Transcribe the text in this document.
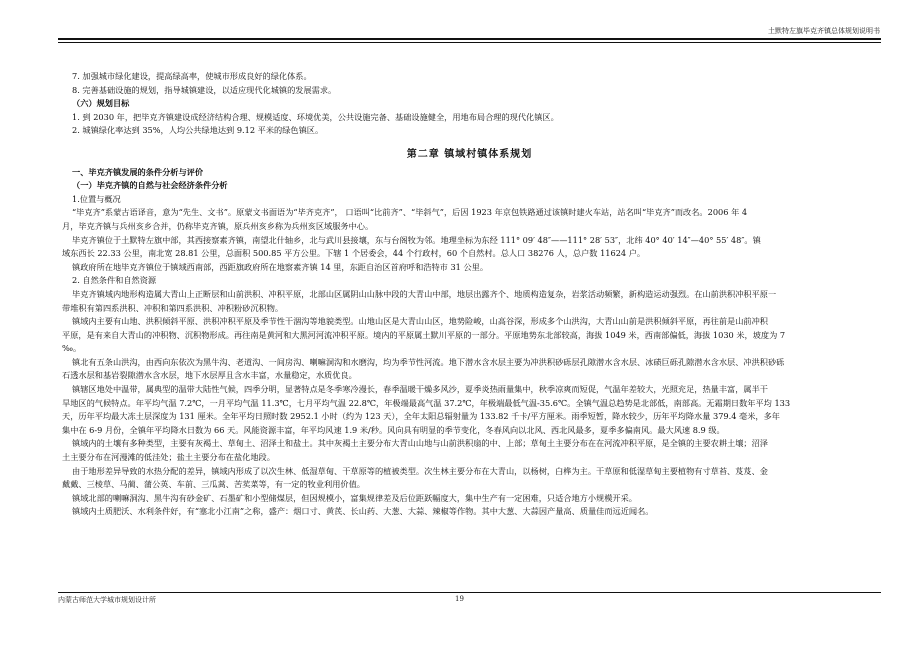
土默特左旗毕克齐镇总体规划说明书

7. 加强城市绿化建设，提高绿高率，使城市形成良好的绿化体系。

8. 完善基础设施的规划，指导城镇建设，以适应现代化城镇的发展需求。

（六）规划目标

1. 到 2030 年，把毕克齐镇建设成经济结构合理、规模适度、环境优美，公共设施完备、基础设施健全，用地布局合理的现代化镇区。

2. 城镇绿化率达到 35%，人均公共绿地达到 9.12 平米的绿色镇区。

第二章 镇域村镇体系规划

一、毕克齐镇发展的条件分析与评价

（一）毕克齐镇的自然与社会经济条件分析

1.位置与概况

“毕克齐”系蒙古语译音，意为“先生、文书”。原蒙文书面语为“毕齐克齐”， 口语叫“比前齐”、“毕斜气”，后因 1923 年京包铁路通过该镇时建火车站，站名叫“毕克齐”而改名。2006 年 4

月，毕克齐镇与兵州亥乡合并，仍称毕克齐镇，原兵州亥乡称为兵州亥区域服务中心。

毕克齐镇位于土默特左旗中部，其西接察素齐镇，南望北什轴乡，北与武川县接壤，东与台阁牧为邻。地理坐标为东经 111° 09′ 48″——111° 28′ 53″，北纬 40° 40′ 14″—40° 55′ 48″。镇

域东西长 22.33 公里，南北宽 28.81 公里，总面积 500.85 平方公里。下辖 1 个居委会，44 个行政村，60 个自然村。总人口 38276 人，总户数 11624 户。

镇政府所在地毕克齐镇位于镇域西南部，西距旗政府所在地察素齐镇 14 里，东距自治区首府呼和浩特市 31 公里。

2. 自然条件和自然资源

毕克齐镇域内地形构造属大青山上正断层和山前洪积、冲积平原，北部山区属阴山山脉中段的大青山中部，地层出露齐个、地质构造复杂，岩浆活动频繁，新构造运动强烈。在山前洪积冲积平原一

带堆积有第四系洪积、冲积和第四系洪积、冲积粉砂沉积物。

镇域内主要有山地、洪积倾斜平原、洪积冲积平原及季节性干涸沟等地貌类型。山地山区是大青山山区，地势险峻，山高谷深，形成多个山洪沟，大青山山前是洪积倾斜平原，再往前是山前冲积

平原，是有来自大青山的冲积物、沉积物形成。再往南是黄河和大黑河河流冲积平原。境内的平原属土默川平原的一部分。平原地势东北部较高，海拔 1049 米，西南部偏低，海拔 1030 米，坡度为 7

‰。

镇北有五条山洪沟，由西向东依次为黑牛沟、老道沟、一间房沟、喇嘛洞沟和水磨沟，均为季节性河流。地下潜水含水层主要为冲洪积砂砾层孔隙潜水含水层、冰碛巨砾孔隙潜水含水层、冲洪积砂砾

石透水层和基岩裂隙潜水含水层，地下水层厚且含水丰富，水量稳定，水质优良。

镇辖区地处中温带，属典型的温带大陆性气候，四季分明，显著特点是冬季寒冷漫长，春季温暖干燥多风沙，夏季炎热雨量集中，秋季凉爽而短促，气温年差较大，光照充足，热量丰富，属半干

旱地区的气候特点。年平均气温 7.2℃，一月平均气温 11.3℃，七月平均气温 22.8℃，年极端最高气温 37.2℃，年极端最低气温-35.6℃。全镇气温总趋势是北部低，南部高。无霜期日数年平均 133

天，历年平均最大冻土层深度为 131 厘米。全年平均日照时数 2952.1 小时（约为 123 天），全年太阳总辐射量为 133.82 千卡/平方厘米。雨季短暂，降水较少，历年平均降水量 379.4 毫米，多年

集中在 6-9 月份，全镇年平均降水日数为 66 天。风能资源丰富，年平均风速 1.9 米/秒。风向具有明显的季节变化，冬春风向以北风、西北风最多，夏季多偏南风。最大风速 8.9 级。

镇域内的土壤有多种类型，主要有灰褐土、草甸土、沼泽土和盐土。其中灰褐土主要分布大青山山地与山前洪积扇的中、上部；草甸土主要分布在在河流冲积平原，是全镇的主要农耕土壤；沼泽

土主要分布在河漫滩的低洼处；盐土主要分布在盐化地段。

由于地形差异导致的水热分配的差异，镇域内形成了以次生林、低湿草甸、干草原等的植被类型。次生林主要分布在大青山，以杨树，白桦为主。干草原和低湿草甸主要植物有寸草苔、芨芨、金

戴戴、三棱草、马蔺、蒲公英、车前、三瓜蒿、苦荬菜等，有一定的牧业利用价值。

镇域北部的喇嘛洞沟、黑牛沟有砂金矿、石墨矿和小型储煤层，但因规模小，富集规律差及后位距跃幅度大，集中生产有一定困难，只适合地方小规模开采。

镇域内土质肥沃、水利条件好，有“塞北小江南”之称，盛产：烟口寸、黄芪、长山药、大葱、大蒜、辣椒等作物。其中大葱、大蒜因产量高、质量佳而远近闻名。

内蒙古师范大学城市规划设计所	19
